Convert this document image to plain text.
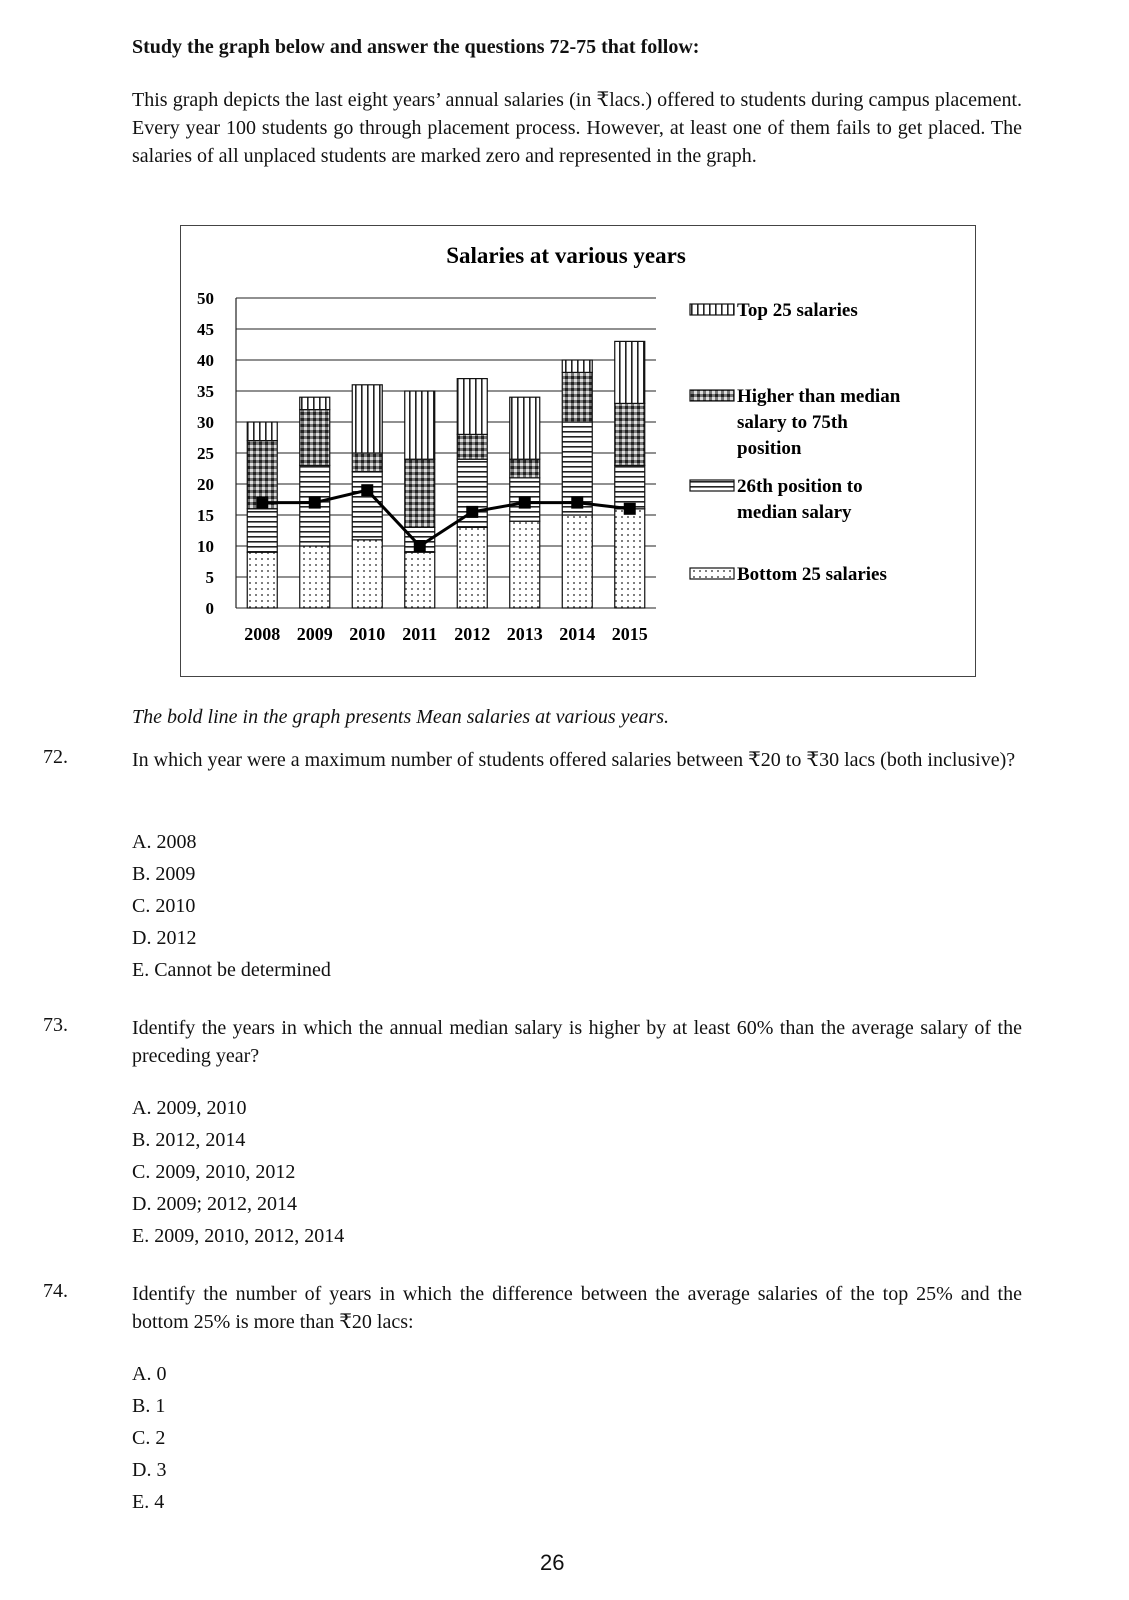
Study the graph below and answer the questions 72-75 that follow:
This graph depicts the last eight years’ annual salaries (in ₹lacs.) offered to students during campus placement. Every year 100 students go through placement process. However, at least one of them fails to get placed. The salaries of all unplaced students are marked zero and represented in the graph.
Salaries at various years
50
45
40
35
30
25
20
15
10
5
0
2008 2009 2010 2011 2012 2013 2014 2015
Top 25 salaries
Higher than median
salary to 75th
position
26th position to
median salary
Bottom 25 salaries
The bold line in the graph presents Mean salaries at various years.
72.	In which year were a maximum number of students offered salaries between ₹20 to ₹30 lacs (both inclusive)?
A. 2008
B. 2009
C. 2010
D. 2012
E. Cannot be determined
73.	Identify the years in which the annual median salary is higher by at least 60% than the average salary of the preceding year?
A. 2009, 2010
B. 2012, 2014
C. 2009, 2010, 2012
D. 2009; 2012, 2014
E. 2009, 2010, 2012, 2014
74.	Identify the number of years in which the difference between the average salaries of the top 25% and the bottom 25% is more than ₹20 lacs:
A. 0
B. 1
C. 2
D. 3
E. 4
26
